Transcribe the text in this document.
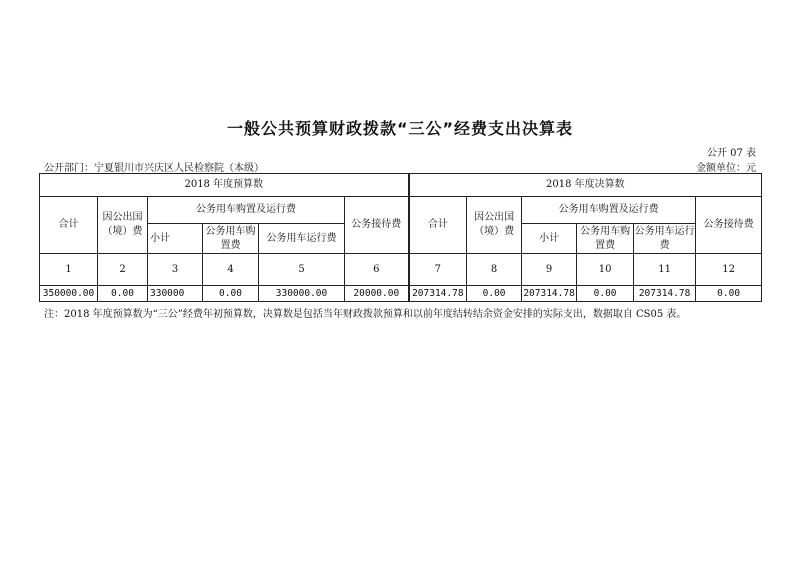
一般公共预算财政拨款“三公”经费支出决算表
公开 07 表
公开部门：宁夏银川市兴庆区人民检察院（本级）	金额单位：元
2018 年度预算数						2018 年度决算数					
合计	因公出国（境）费	公务用车购置及运行费			公务接待费	合计	因公出国（境）费	公务用车购置及运行费			公务接待费
		小计	公务用车购置费	公务用车运行费				小计	公务用车购置费	公务用车运行费	
1	2	3	4	5	6	7	8	9	10	11	12
350000.00	0.00	330000	0.00	330000.00	20000.00	207314.78	0.00	207314.78	0.00	207314.78	0.00
注：2018 年度预算数为“三公”经费年初预算数，决算数是包括当年财政拨款预算和以前年度结转结余资金安排的实际支出，数据取自 CS05 表。
